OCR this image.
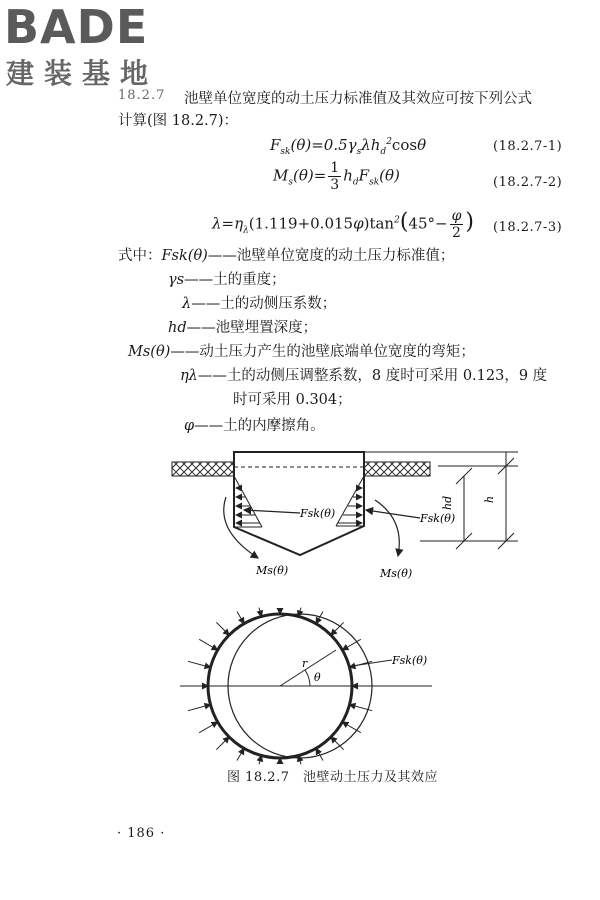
BADE
建装基地
18.2.7 池壁单位宽度的动土压力标准值及其效应可按下列公式
计算(图 18.2.7)：
$F_{sk}(\theta)=0.5\gamma_s\lambda h_d^2\cos\theta$	(18.2.7-1)
$M_s(\theta)= \frac{1}{3} h_dF_{sk}(\theta)$	(18.2.7-2)
$\lambda=\eta_\lambda(1.119+0.015\varphi)\tan^2(45^\circ- \frac{\varphi}{2}$ ) (18.2.7-3)
式中：Fsk(θ)——池壁单位宽度的动土压力标准值；
γs——土的重度；
λ——土的动侧压系数；
hd——池壁埋置深度；
Ms(θ)——动土压力产生的池壁底端单位宽度的弯矩；
ηλ——土的动侧压调整系数，8 度时可采用 0.123，9 度
时可采用 0.304；
φ——土的内摩擦角。
hd	h
Fsk(θ)	Fsk(θ)
Ms(θ)	Ms(θ)
Fsk(θ)
r
θ
图 18.2.7　池壁动土压力及其效应
· 186 ·
